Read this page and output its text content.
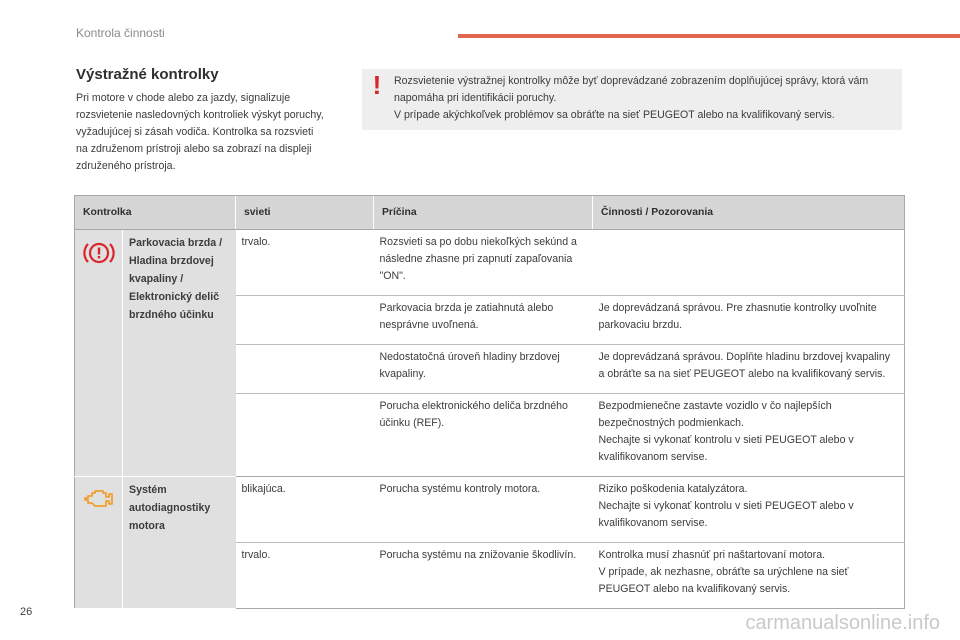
Kontrola činnosti
Výstražné kontrolky
Pri motore v chode alebo za jazdy, signalizuje rozsvietenie nasledovných kontroliek výskyt poruchy, vyžadujúcej si zásah vodiča. Kontrolka sa rozsvieti na združenom prístroji alebo sa zobrazí na displeji združeného prístroja.
! Rozsvietenie výstražnej kontrolky môže byť doprevádzané zobrazením doplňujúcej správy, ktorá vám napomáha pri identifikácii poruchy.
V prípade akýchkoľvek problémov sa obráťte na sieť PEUGEOT alebo na kvalifikovaný servis.
Kontrolka		svieti	Príčina	Činnosti / Pozorovania
	Parkovacia brzda / Hladina brzdovej kvapaliny / Elektronický delič brzdného účinku	trvalo.	Rozsvieti sa po dobu niekoľkých sekúnd a následne zhasne pri zapnutí zapaľovania "ON".	
			Parkovacia brzda je zatiahnutá alebo nesprávne uvoľnená.	Je doprevádzaná správou. Pre zhasnutie kontrolky uvoľnite parkovaciu brzdu.
			Nedostatočná úroveň hladiny brzdovej kvapaliny.	Je doprevádzaná správou. Doplňte hladinu brzdovej kvapaliny a obráťte sa na sieť PEUGEOT alebo na kvalifikovaný servis.
			Porucha elektronického deliča brzdného účinku (REF).	Bezpodmienečne zastavte vozidlo v čo najlepších bezpečnostných podmienkach.
Nechajte si vykonať kontrolu v sieti PEUGEOT alebo v kvalifikovanom servise.

	Systém autodiagnostiky motora	blikajúca.	Porucha systému kontroly motora.	Riziko poškodenia katalyzátora.
Nechajte si vykonať kontrolu v sieti PEUGEOT alebo v kvalifikovanom servise.

		trvalo.	Porucha systému na znižovanie škodlivín.	Kontrolka musí zhasnúť pri naštartovaní motora.
V prípade, ak nezhasne, obráťte sa urýchlene na sieť PEUGEOT alebo na kvalifikovaný servis.
26	carmanualsonline.info
